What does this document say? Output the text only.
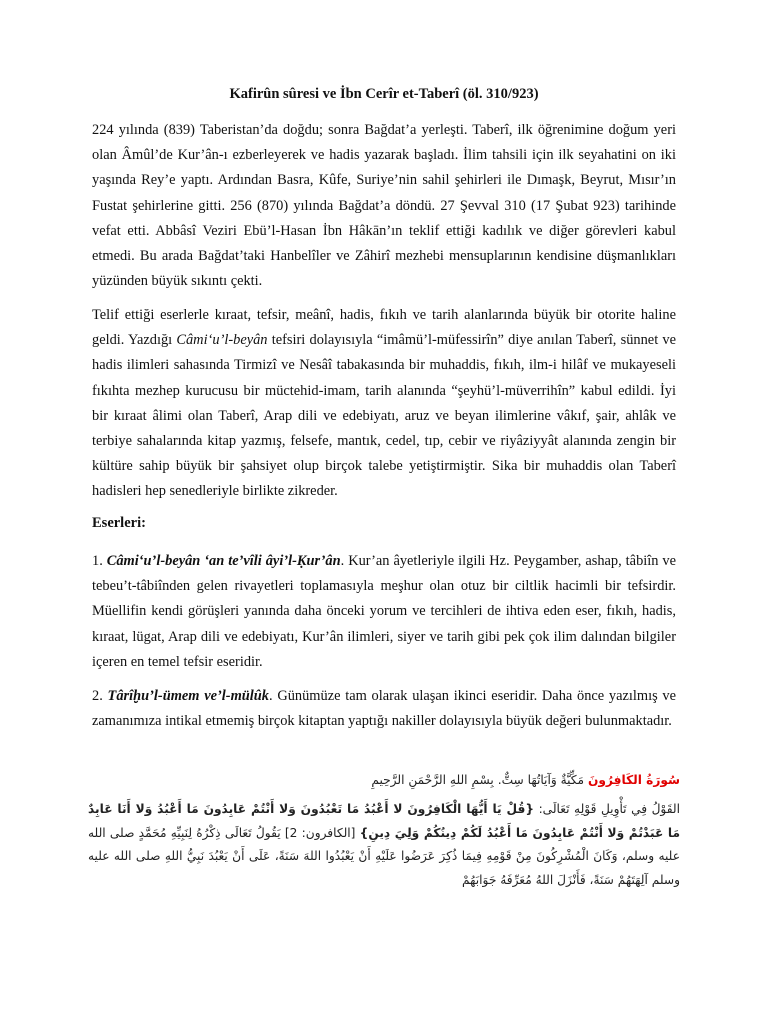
Kafirûn sûresi ve İbn Cerîr et-Taberî (öl. 310/923)

224 yılında (839) Taberistan’da doğdu; sonra Bağdat’a yerleşti. Taberî, ilk öğrenimine doğum yeri olan Âmûl’de Kur’ân-ı ezberleyerek ve hadis yazarak başladı. İlim tahsili için ilk seyahatini on iki yaşında Rey’e yaptı. Ardından Basra, Kûfe, Suriye’nin sahil şehirleri ile Dımaşk, Beyrut, Mısır’ın Fustat şehirlerine gitti. 256 (870) yılında Bağdat’a döndü. 27 Şevval 310 (17 Şubat 923) tarihinde vefat etti. Abbâsî Veziri Ebü’l-Hasan İbn Hâkān’ın teklif ettiği kadılık ve diğer görevleri kabul etmedi. Bu arada Bağdat’taki Hanbelîler ve Zâhirî mezhebi mensuplarının kendisine düşmanlıkları yüzünden büyük sıkıntı çekti.

Telif ettiği eserlerle kıraat, tefsir, meânî, hadis, fıkıh ve tarih alanlarında büyük bir otorite haline geldi. Yazdığı Câmi‘u’l-beyân tefsiri dolayısıyla “imâmü’l-müfessirîn” diye anılan Taberî, sünnet ve hadis ilimleri sahasında Tirmizî ve Nesâî tabakasında bir muhaddis, fıkıh, ilm-i hilâf ve mukayeseli fıkıhta mezhep kurucusu bir müctehid-imam, tarih alanında “şeyhü’l-müverrihîn” kabul edildi. İyi bir kıraat âlimi olan Taberî, Arap dili ve edebiyatı, aruz ve beyan ilimlerine vâkıf, şair, ahlâk ve terbiye sahalarında kitap yazmış, felsefe, mantık, cedel, tıp, cebir ve riyâziyyât alanında zengin bir kültüre sahip büyük bir şahsiyet olup birçok talebe yetiştirmiştir. Sika bir muhaddis olan Taberî hadisleri hep senedleriyle birlikte zikreder.

Eserleri:

1. Câmi‘u’l-beyân ‘an te’vîli âyi’l-Ḳur’ân. Kur’an âyetleriyle ilgili Hz. Peygamber, ashap, tâbiîn ve tebeu’t-tâbiînden gelen rivayetleri toplamasıyla meşhur olan otuz bir ciltlik hacimli bir tefsirdir. Müellifin kendi görüşleri yanında daha önceki yorum ve tercihleri de ihtiva eden eser, fıkıh, hadis, kıraat, lügat, Arap dili ve edebiyatı, Kur’ân ilimleri, siyer ve tarih gibi pek çok ilim dalından bilgiler içeren en temel tefsir eseridir.

2. Târîḫu’l-ümem ve’l-mülûk. Günümüze tam olarak ulaşan ikinci eseridir. Daha önce yazılmış ve zamanımıza intikal etmemiş birçok kitaptan yaptığı nakiller dolayısıyla büyük değeri bulunmaktadır.

سُورَةُ الكَافِرُونَ مَكِّيَّةٌ وَآيَاتُهَا سِتٌّ. بِسْمِ اللهِ الرَّحْمَنِ الرَّحِيمِ

القَوْلُ فِي تَأْوِيلِ قَوْلِهِ تَعَالَى: {قُلْ يَا أَيُّهَا الْكَافِرُونَ لا أَعْبُدُ مَا تَعْبُدُونَ وَلا أَنْتُمْ عَابِدُونَ مَا أَعْبُدُ وَلا أَنَا عَابِدٌ مَا عَبَدْتُمْ وَلا أَنْتُمْ عَابِدُونَ مَا أَعْبُدُ لَكُمْ دِينُكُمْ وَلِيَ دِينِ} [الكافرون: 2] يَقُولُ تَعَالَى ذِكْرُهُ لِنَبِيِّهِ مُحَمَّدٍ صلى الله عليه وسلم، وَكَانَ الْمُشْرِكُونَ مِنْ قَوْمِهِ فِيمَا ذُكِرَ عَرَضُوا عَلَيْهِ أَنْ يَعْبُدُوا اللهَ سَنَةً، عَلَى أَنْ يَعْبُدَ نَبِيُّ اللهِ صلى الله عليه وسلم آلِهَتَهُمْ سَنَةً، فَأَنْزَلَ اللهُ مُعَرِّفَهُ جَوَابَهُمْ
